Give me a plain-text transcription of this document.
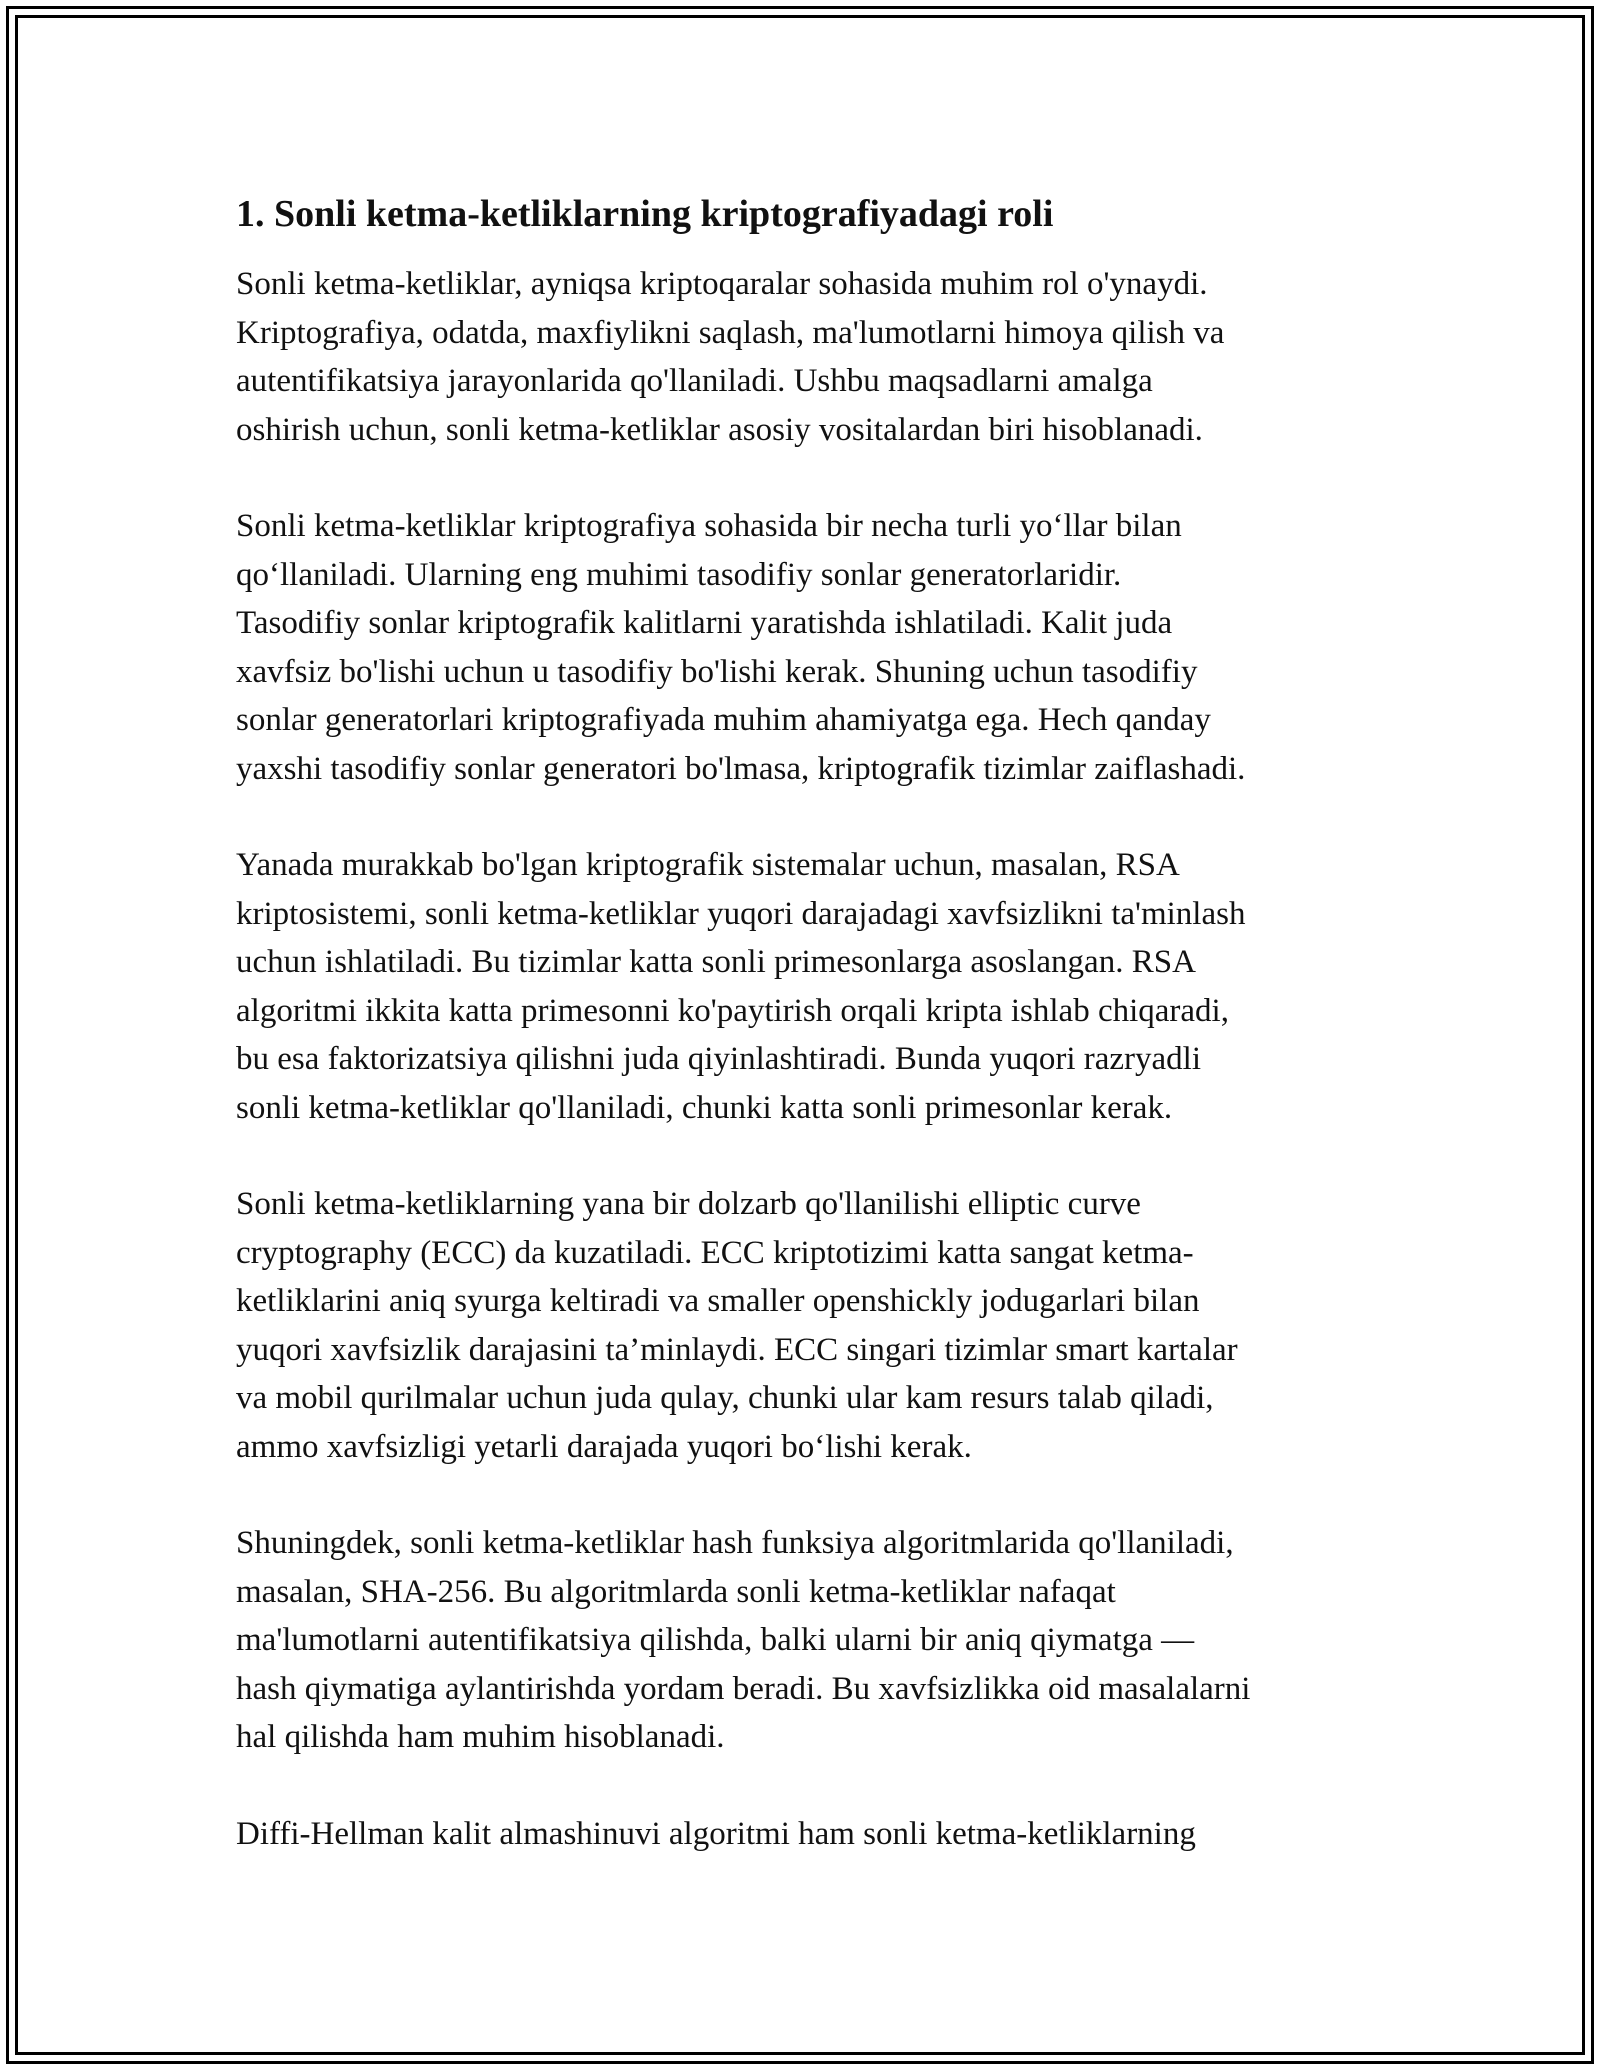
1. Sonli ketma-ketliklarning kriptografiyadagi roli

Sonli ketma-ketliklar, ayniqsa kriptoqaralar sohasida muhim rol o'ynaydi.
Kriptografiya, odatda, maxfiylikni saqlash, ma'lumotlarni himoya qilish va
autentifikatsiya jarayonlarida qo'llaniladi. Ushbu maqsadlarni amalga
oshirish uchun, sonli ketma-ketliklar asosiy vositalardan biri hisoblanadi.

Sonli ketma-ketliklar kriptografiya sohasida bir necha turli yo‘llar bilan
qo‘llaniladi. Ularning eng muhimi tasodifiy sonlar generatorlaridir.
Tasodifiy sonlar kriptografik kalitlarni yaratishda ishlatiladi. Kalit juda
xavfsiz bo'lishi uchun u tasodifiy bo'lishi kerak. Shuning uchun tasodifiy
sonlar generatorlari kriptografiyada muhim ahamiyatga ega. Hech qanday
yaxshi tasodifiy sonlar generatori bo'lmasa, kriptografik tizimlar zaiflashadi.

Yanada murakkab bo'lgan kriptografik sistemalar uchun, masalan, RSA
kriptosistemi, sonli ketma-ketliklar yuqori darajadagi xavfsizlikni ta'minlash
uchun ishlatiladi. Bu tizimlar katta sonli primesonlarga asoslangan. RSA
algoritmi ikkita katta primesonni ko'paytirish orqali kripta ishlab chiqaradi,
bu esa faktorizatsiya qilishni juda qiyinlashtiradi. Bunda yuqori razryadli
sonli ketma-ketliklar qo'llaniladi, chunki katta sonli primesonlar kerak.

Sonli ketma-ketliklarning yana bir dolzarb qo'llanilishi elliptic curve
cryptography (ECC) da kuzatiladi. ECC kriptotizimi katta sangat ketma-
ketliklarini aniq syurga keltiradi va smaller openshickly jodugarlari bilan
yuqori xavfsizlik darajasini ta’minlaydi. ECC singari tizimlar smart kartalar
va mobil qurilmalar uchun juda qulay, chunki ular kam resurs talab qiladi,
ammo xavfsizligi yetarli darajada yuqori bo‘lishi kerak.

Shuningdek, sonli ketma-ketliklar hash funksiya algoritmlarida qo'llaniladi,
masalan, SHA-256. Bu algoritmlarda sonli ketma-ketliklar nafaqat
ma'lumotlarni autentifikatsiya qilishda, balki ularni bir aniq qiymatga —
hash qiymatiga aylantirishda yordam beradi. Bu xavfsizlikka oid masalalarni
hal qilishda ham muhim hisoblanadi.

Diffi-Hellman kalit almashinuvi algoritmi ham sonli ketma-ketliklarning
